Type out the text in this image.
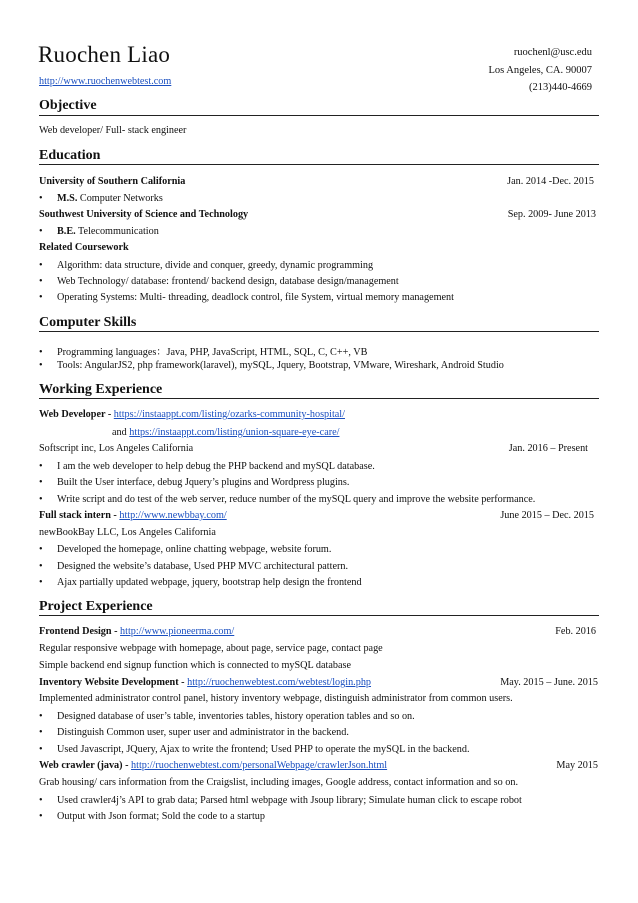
Ruochen Liao
http://www.ruochenwebtest.com
ruochenl@usc.edu
Los Angeles, CA. 90007
(213)440-4669
Objective
Web developer/ Full- stack engineer
Education
University of Southern California	Jan. 2014 -Dec. 2015
• M.S. Computer Networks
Southwest University of Science and Technology	Sep. 2009- June 2013
• B.E. Telecommunication
Related Coursework
• Algorithm: data structure, divide and conquer, greedy, dynamic programming
• Web Technology/ database: frontend/ backend design, database design/management
• Operating Systems: Multi- threading, deadlock control, file System, virtual memory management
Computer Skills
• Programming languages：Java, PHP, JavaScript, HTML, SQL, C, C++, VB
• Tools: AngularJS2, php framework(laravel), mySQL, Jquery, Bootstrap, VMware, Wireshark, Android Studio
Working Experience
Web Developer - https://instaappt.com/listing/ozarks-community-hospital/
and https://instaappt.com/listing/union-square-eye-care/
Softscript inc, Los Angeles California	Jan. 2016 – Present
• I am the web developer to help debug the PHP backend and mySQL database.
• Built the User interface, debug Jquery’s plugins and Wordpress plugins.
• Write script and do test of the web server, reduce number of the mySQL query and improve the website performance.
Full stack intern - http://www.newbbay.com/	June 2015 – Dec. 2015
newBookBay LLC, Los Angeles California
• Developed the homepage, online chatting webpage, website forum.
• Designed the website’s database, Used PHP MVC architectural pattern.
• Ajax partially updated webpage, jquery, bootstrap help design the frontend
Project Experience
Frontend Design - http://www.pioneerma.com/	Feb. 2016
Regular responsive webpage with homepage, about page, service page, contact page
Simple backend end signup function which is connected to mySQL database
Inventory Website Development - http://ruochenwebtest.com/webtest/login.php	May. 2015 – June. 2015
Implemented administrator control panel, history inventory webpage, distinguish administrator from common users.
• Designed database of user’s table, inventories tables, history operation tables and so on.
• Distinguish Common user, super user and administrator in the backend.
• Used Javascript, JQuery, Ajax to write the frontend; Used PHP to operate the mySQL in the backend.
Web crawler (java) - http://ruochenwebtest.com/personalWebpage/crawlerJson.html	May 2015
Grab housing/ cars information from the Craigslist, including images, Google address, contact information and so on.
• Used crawler4j’s API to grab data; Parsed html webpage with Jsoup library; Simulate human click to escape robot
• Output with Json format; Sold the code to a startup
